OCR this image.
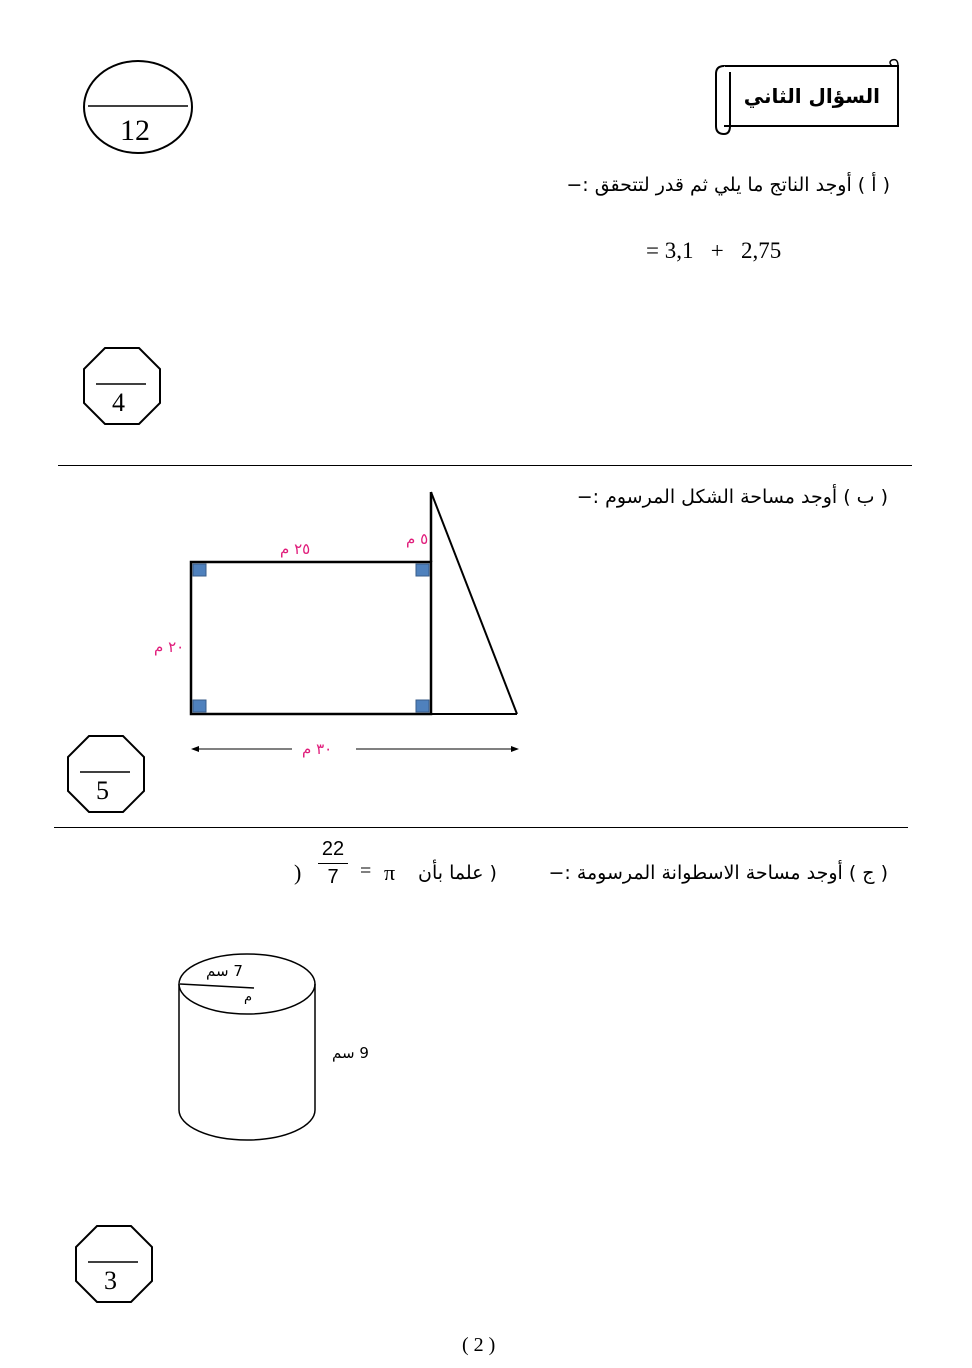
12
السؤال الثاني
( أ ) أوجد الناتج ما يلي ثم قدر لتتحقق :−
= 3,1   +   2,75
4
( ب ) أوجد مساحة الشكل المرسوم :−
٢٥ م
٥ م
٢٠ م
٣٠ م
5
( ج ) أوجد مساحة الاسطوانة المرسومة :−
( علما بأن
π
=
$\frac{22}{7}$
)
7 سم
م
9 سم
3
( 2 )
